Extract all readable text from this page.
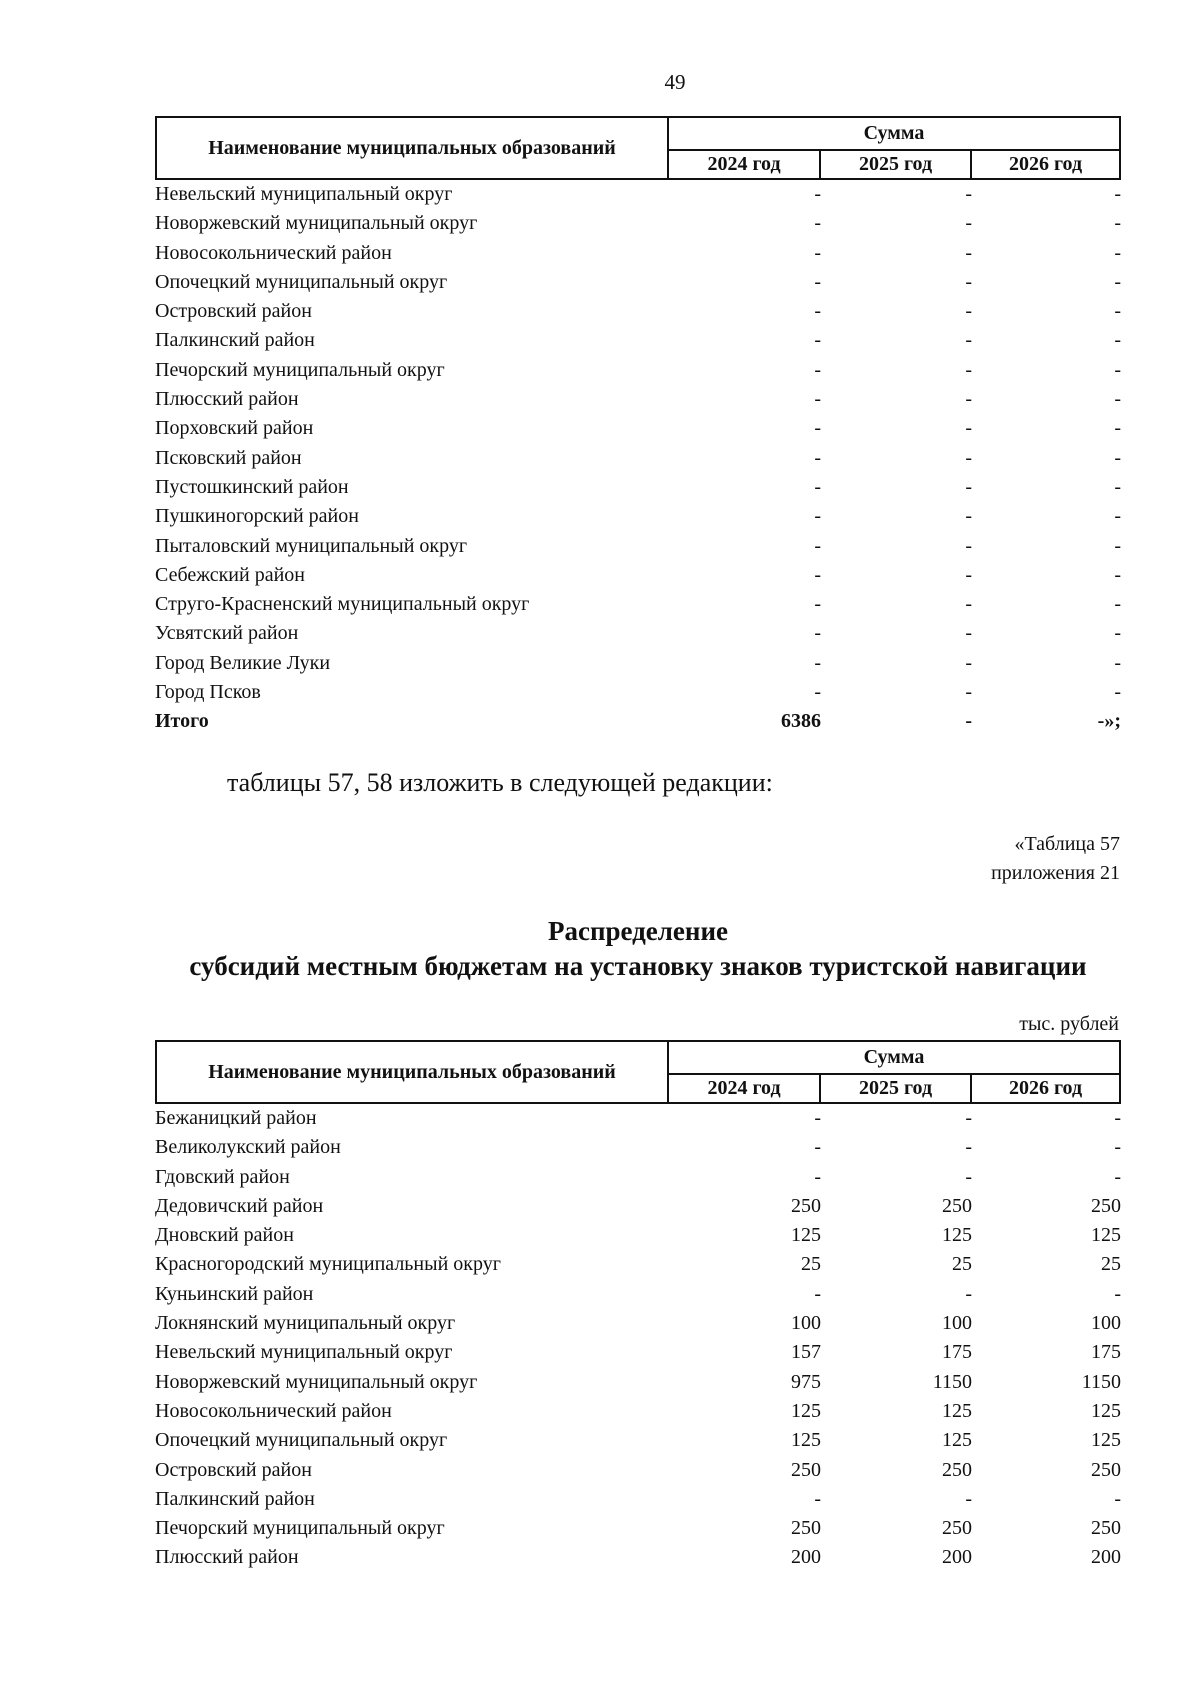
49
Наименование муниципальных образований
Сумма
2024 год	2025 год	2026 год
Невельский муниципальный округ	-	-	-
Новоржевский муниципальный округ	-	-	-
Новосокольнический район	-	-	-
Опочецкий муниципальный округ	-	-	-
Островский район	-	-	-
Палкинский район	-	-	-
Печорский муниципальный округ	-	-	-
Плюсский район	-	-	-
Порховский район	-	-	-
Псковский район	-	-	-
Пустошкинский район	-	-	-
Пушкиногорский район	-	-	-
Пыталовский муниципальный округ	-	-	-
Себежский район	-	-	-
Струго-Красненский муниципальный округ	-	-	-
Усвятский район	-	-	-
Город Великие Луки	-	-	-
Город Псков	-	-	-
Итого	6386	-	-»;
таблицы 57, 58 изложить в следующей редакции:
«Таблица 57
приложения 21
Распределение
субсидий местным бюджетам на установку знаков туристской навигации
тыс. рублей
Наименование муниципальных образований
Сумма
2024 год	2025 год	2026 год
Бежаницкий район	-	-	-
Великолукский район	-	-	-
Гдовский район	-	-	-
Дедовичский район	250	250	250
Дновский район	125	125	125
Красногородский муниципальный округ	25	25	25
Куньинский район	-	-	-
Локнянский муниципальный округ	100	100	100
Невельский муниципальный округ	157	175	175
Новоржевский муниципальный округ	975	1150	1150
Новосокольнический район	125	125	125
Опочецкий муниципальный округ	125	125	125
Островский район	250	250	250
Палкинский район	-	-	-
Печорский муниципальный округ	250	250	250
Плюсский район	200	200	200
